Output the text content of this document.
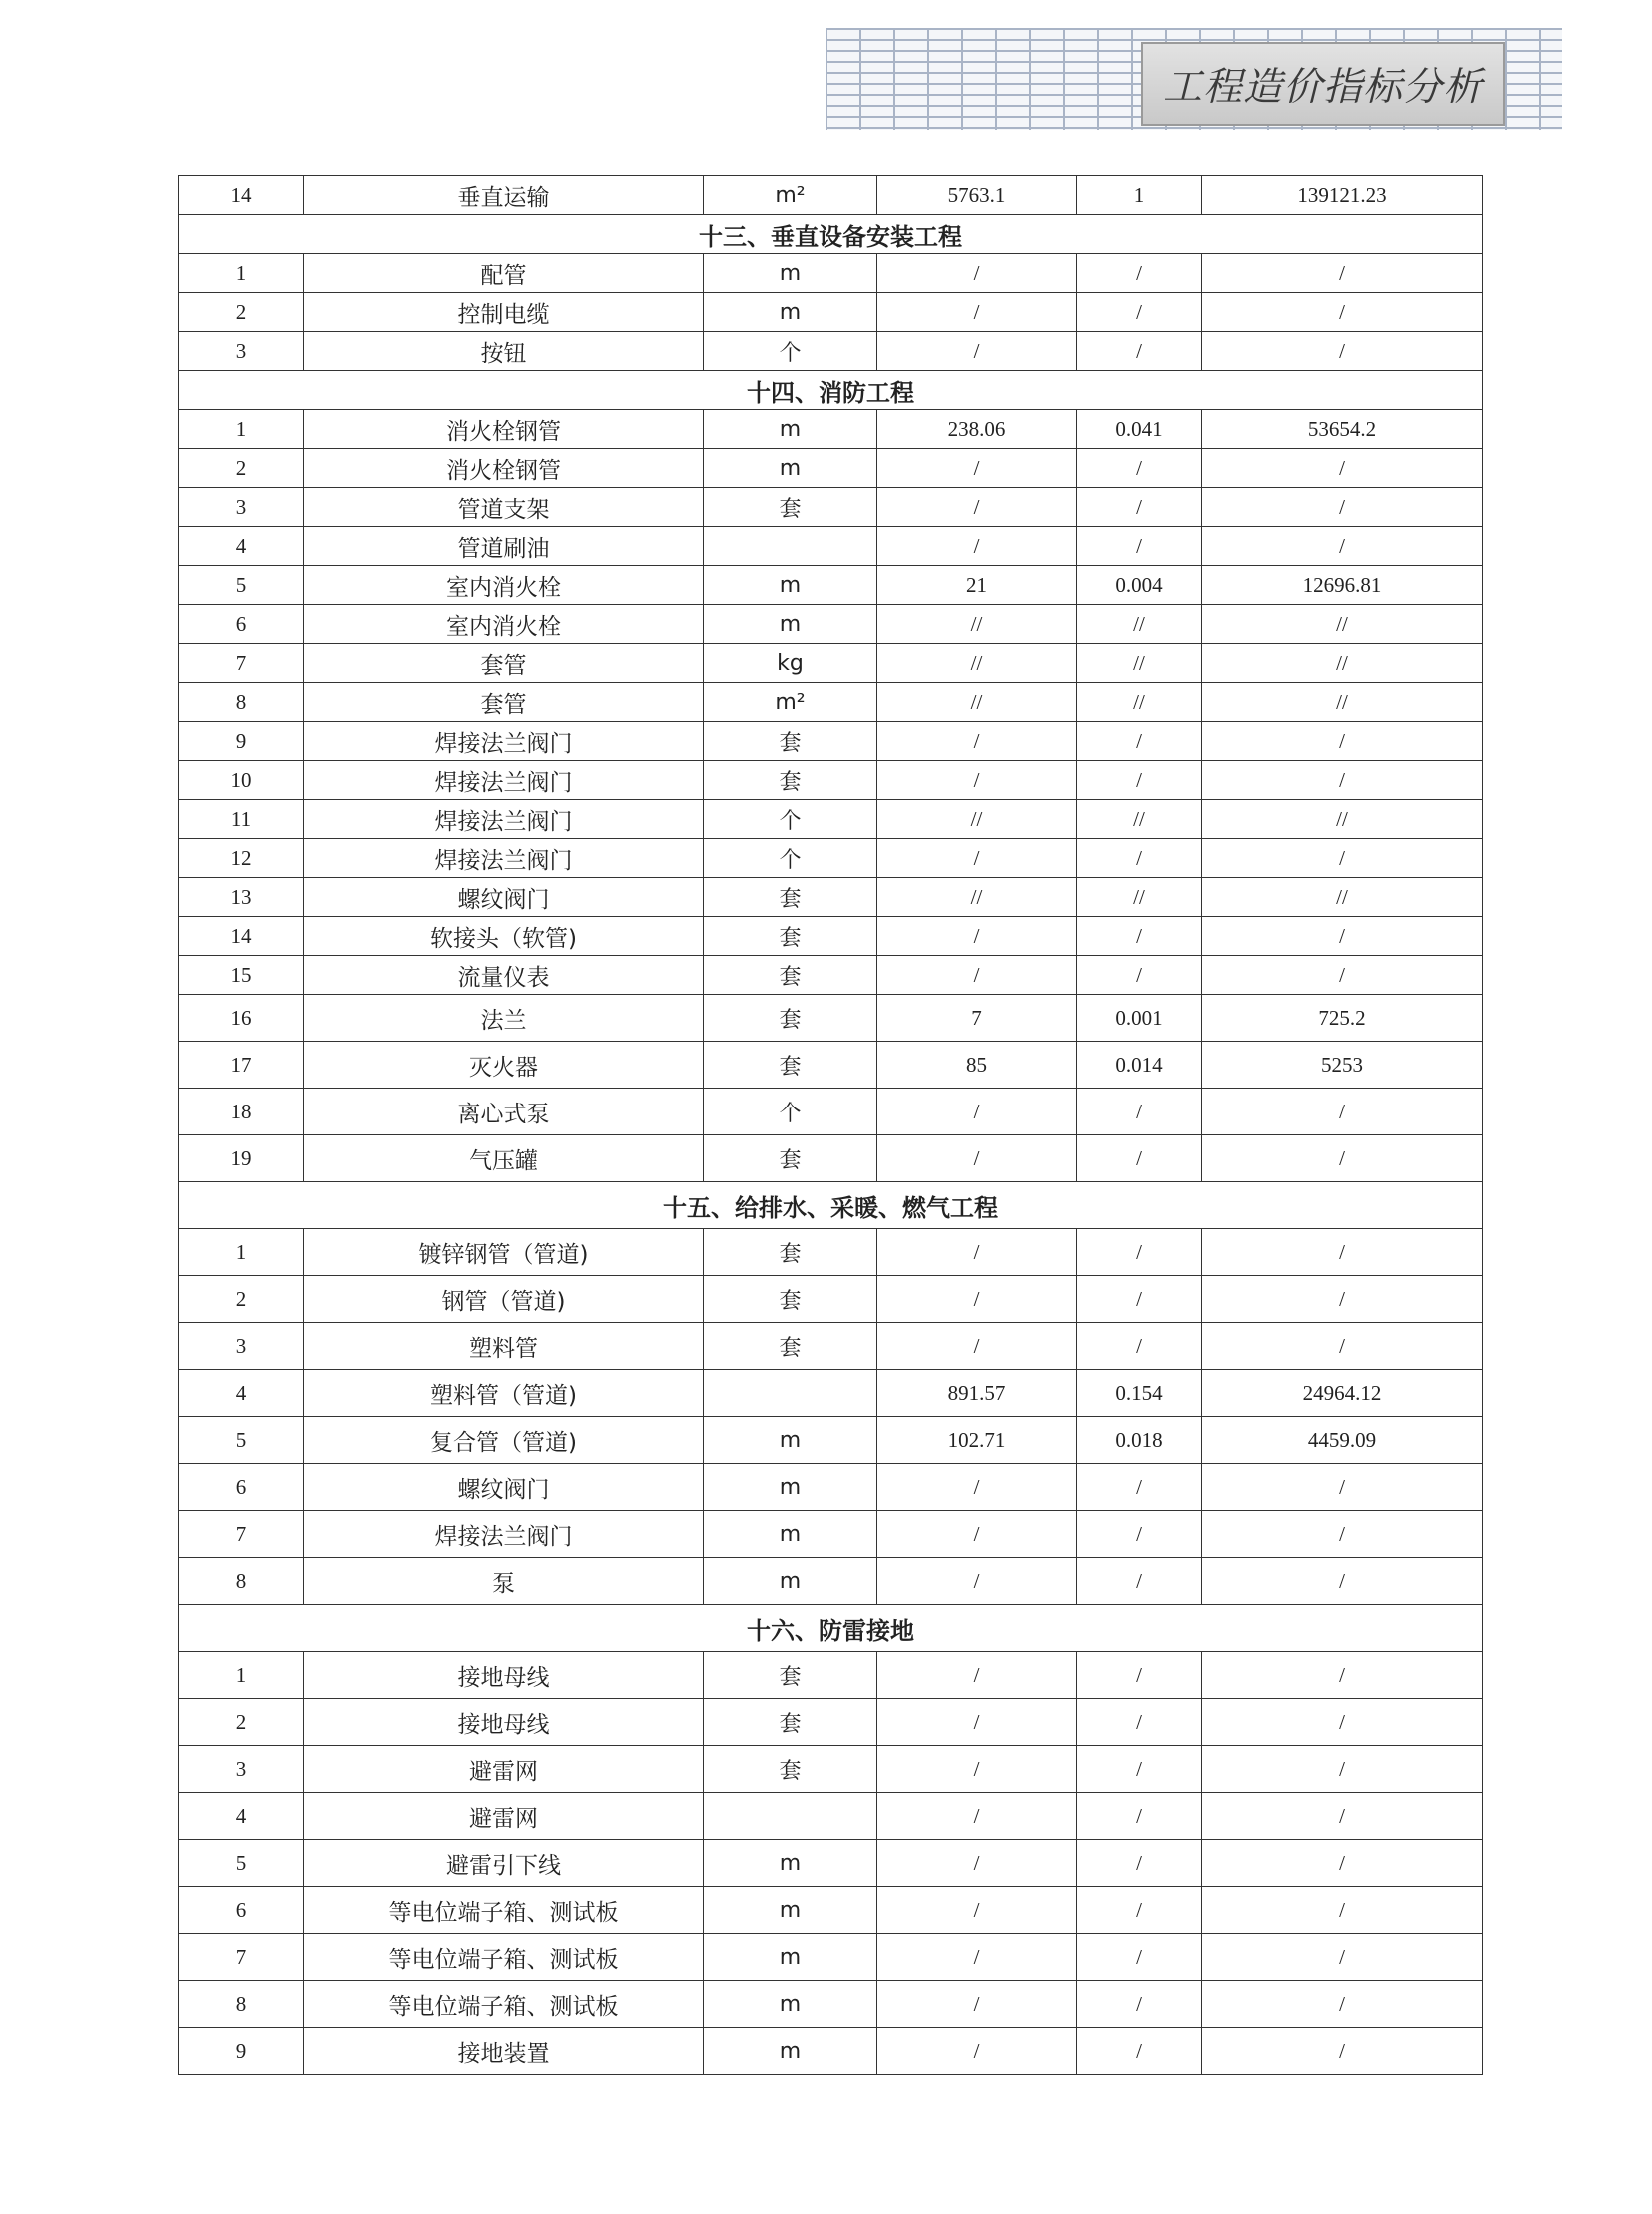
工程造价指标分析
14	垂直运输	m²	5763.1	1	139121.23
十三、垂直设备安装工程					
1	配管	m	/	/	/
2	控制电缆	m	/	/	/
3	按钮	个	/	/	/
十四、消防工程					
1	消火栓钢管	m	238.06	0.041	53654.2
2	消火栓钢管	m	/	/	/
3	管道支架	套	/	/	/
4	管道刷油		/	/	/
5	室内消火栓	m	21	0.004	12696.81
6	室内消火栓	m	//	//	//
7	套管	kg	//	//	//
8	套管	m²	//	//	//
9	焊接法兰阀门	套	/	/	/
10	焊接法兰阀门	套	/	/	/
11	焊接法兰阀门	个	//	//	//
12	焊接法兰阀门	个	/	/	/
13	螺纹阀门	套	//	//	//
14	软接头（软管)	套	/	/	/
15	流量仪表	套	/	/	/
16	法兰	套	7	0.001	725.2
17	灭火器	套	85	0.014	5253
18	离心式泵	个	/	/	/
19	气压罐	套	/	/	/
十五、给排水、采暖、燃气工程					
1	镀锌钢管（管道)	套	/	/	/
2	钢管（管道)	套	/	/	/
3	塑料管	套	/	/	/
4	塑料管（管道)		891.57	0.154	24964.12
5	复合管（管道)	m	102.71	0.018	4459.09
6	螺纹阀门	m	/	/	/
7	焊接法兰阀门	m	/	/	/
8	泵	m	/	/	/
十六、防雷接地					
1	接地母线	套	/	/	/
2	接地母线	套	/	/	/
3	避雷网	套	/	/	/
4	避雷网		/	/	/
5	避雷引下线	m	/	/	/
6	等电位端子箱、测试板	m	/	/	/
7	等电位端子箱、测试板	m	/	/	/
8	等电位端子箱、测试板	m	/	/	/
9	接地装置	m	/	/	/
